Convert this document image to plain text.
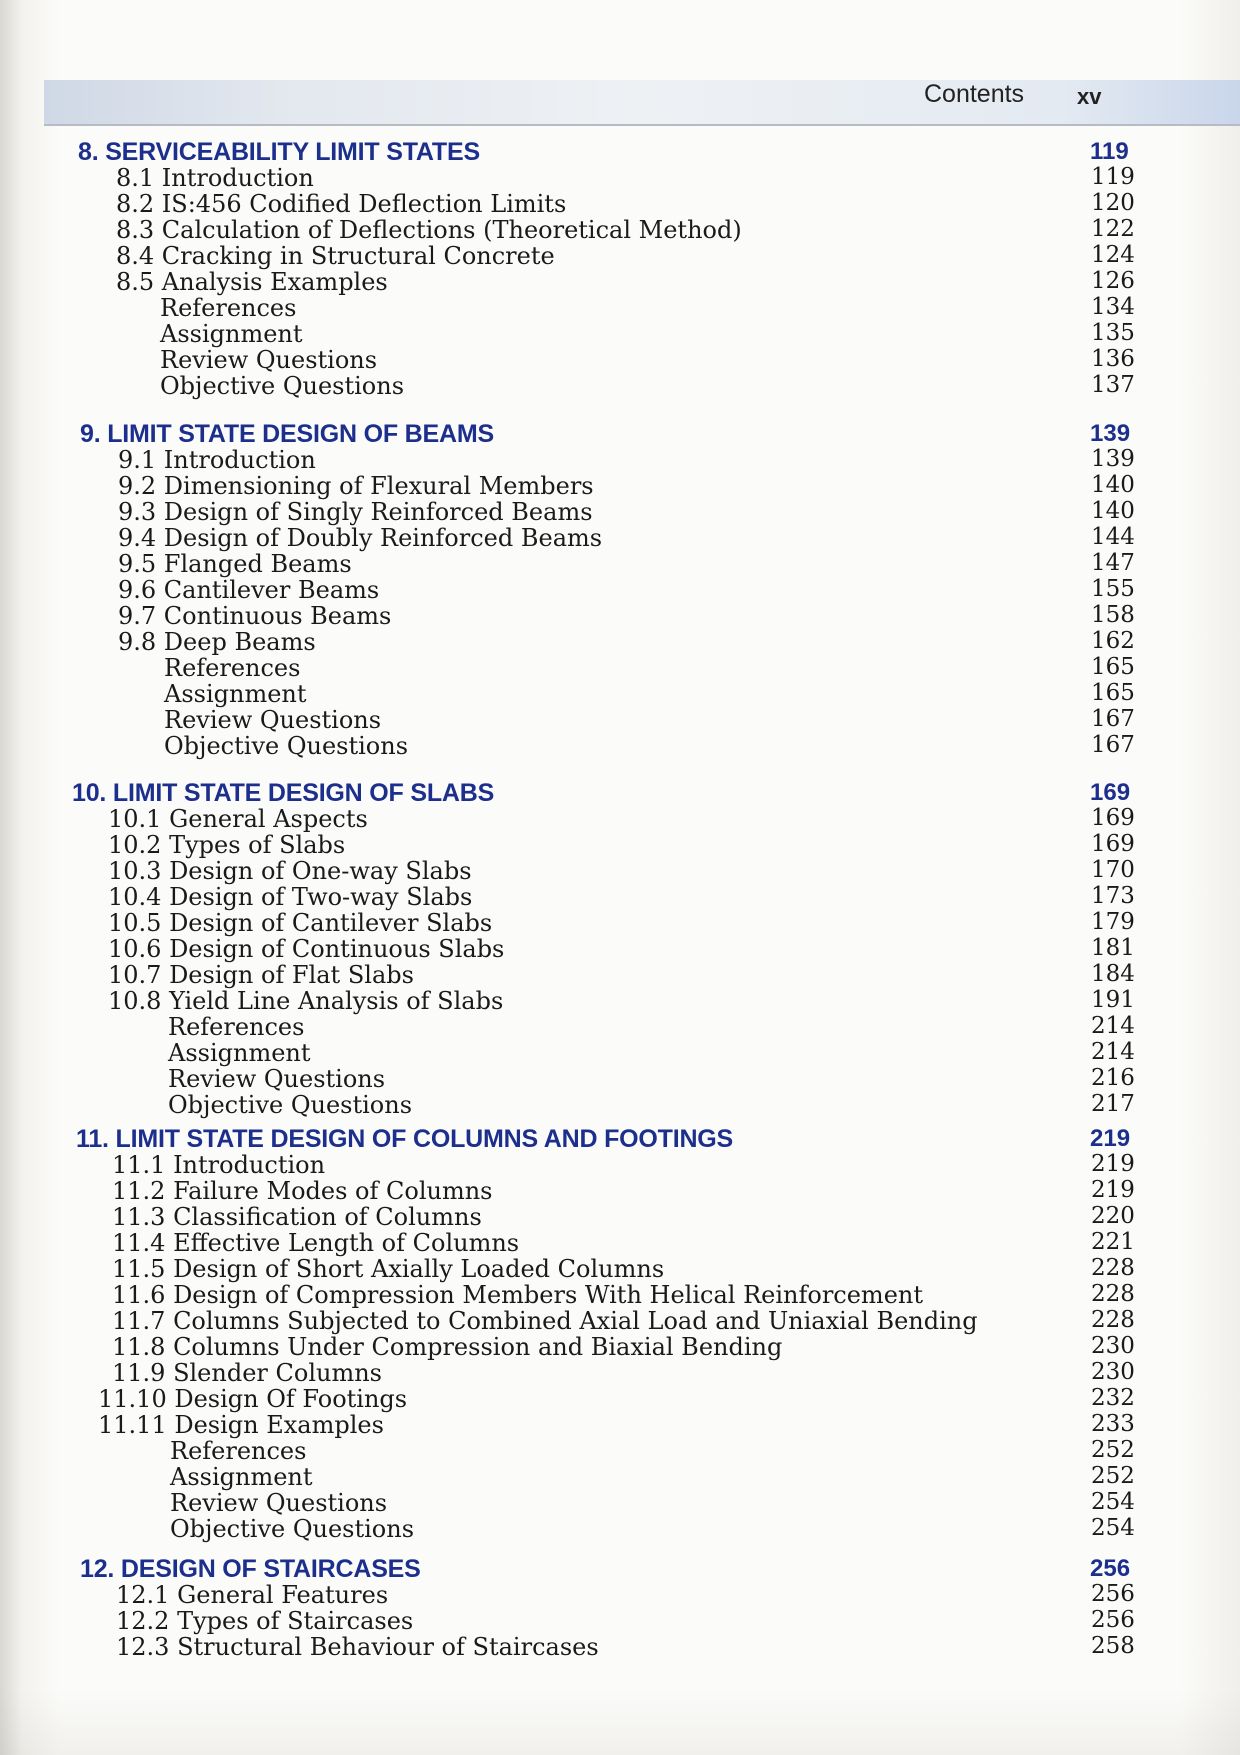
Contents xv
8. SERVICEABILITY LIMIT STATES	119
8.1 Introduction	119
8.2 IS:456 Codified Deflection Limits	120
8.3 Calculation of Deflections (Theoretical Method)	122
8.4 Cracking in Structural Concrete	124
8.5 Analysis Examples	126
References	134
Assignment	135
Review Questions	136
Objective Questions	137
9. LIMIT STATE DESIGN OF BEAMS	139
9.1 Introduction	139
9.2 Dimensioning of Flexural Members	140
9.3 Design of Singly Reinforced Beams	140
9.4 Design of Doubly Reinforced Beams	144
9.5 Flanged Beams	147
9.6 Cantilever Beams	155
9.7 Continuous Beams	158
9.8 Deep Beams	162
References	165
Assignment	165
Review Questions	167
Objective Questions	167
10. LIMIT STATE DESIGN OF SLABS	169
10.1 General Aspects	169
10.2 Types of Slabs	169
10.3 Design of One-way Slabs	170
10.4 Design of Two-way Slabs	173
10.5 Design of Cantilever Slabs	179
10.6 Design of Continuous Slabs	181
10.7 Design of Flat Slabs	184
10.8 Yield Line Analysis of Slabs	191
References	214
Assignment	214
Review Questions	216
Objective Questions	217
11. LIMIT STATE DESIGN OF COLUMNS AND FOOTINGS	219
11.1 Introduction	219
11.2 Failure Modes of Columns	219
11.3 Classification of Columns	220
11.4 Effective Length of Columns	221
11.5 Design of Short Axially Loaded Columns	228
11.6 Design of Compression Members With Helical Reinforcement	228
11.7 Columns Subjected to Combined Axial Load and Uniaxial Bending	228
11.8 Columns Under Compression and Biaxial Bending	230
11.9 Slender Columns	230
11.10 Design Of Footings	232
11.11 Design Examples	233
References	252
Assignment	252
Review Questions	254
Objective Questions	254
12. DESIGN OF STAIRCASES	256
12.1 General Features	256
12.2 Types of Staircases	256
12.3 Structural Behaviour of Staircases	258
